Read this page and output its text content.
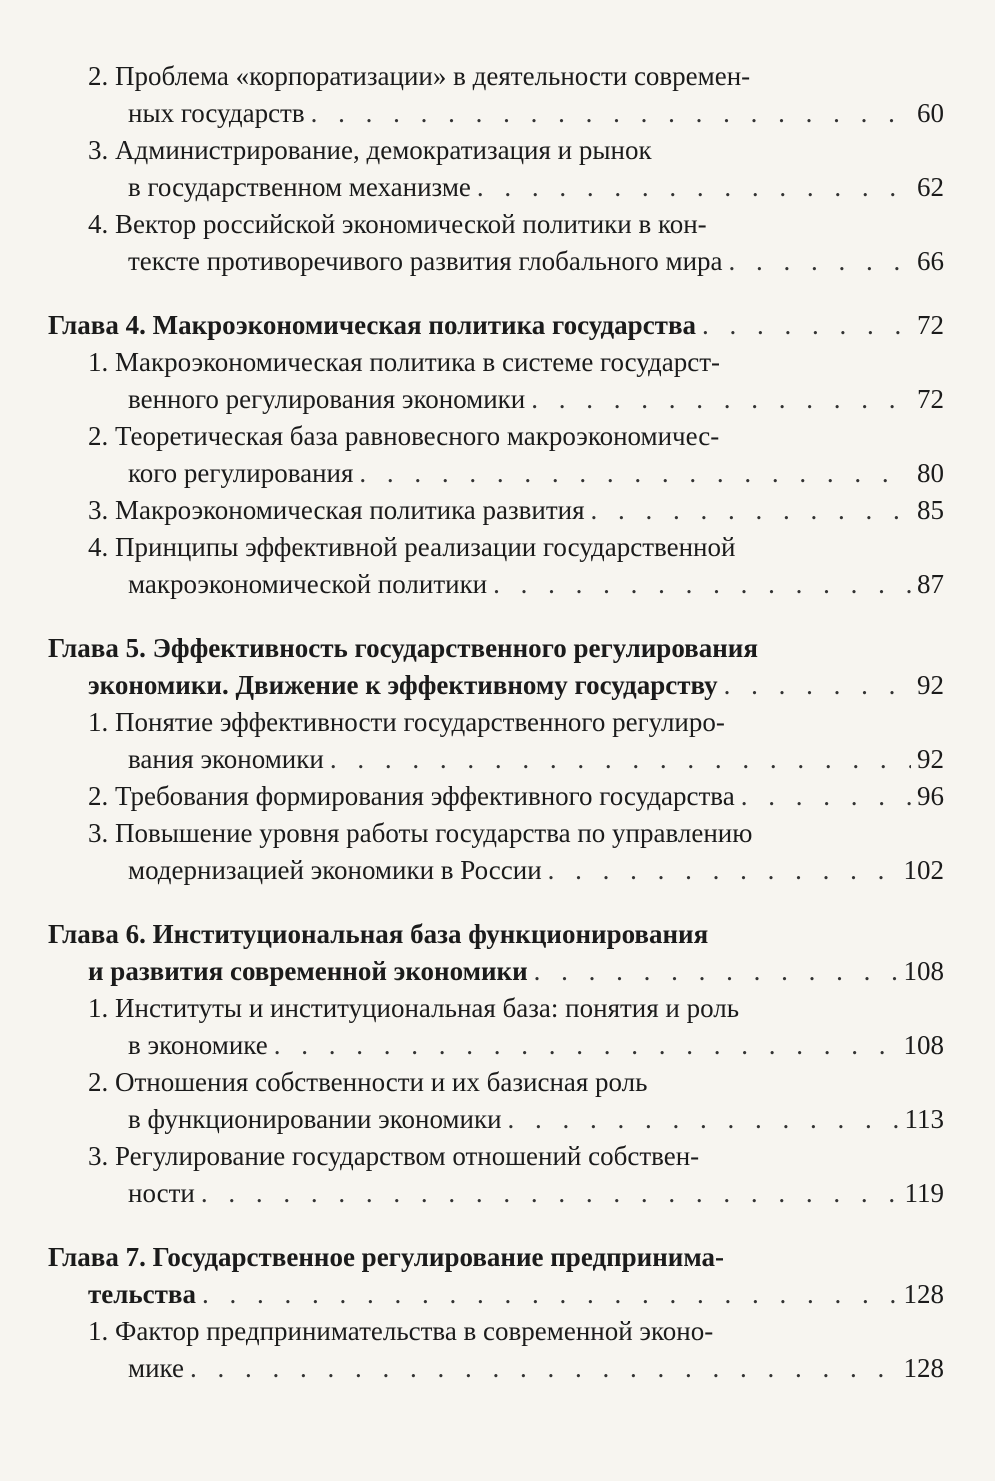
2. Проблема «корпоратизации» в деятельности современ-
ных государств . . .	60
3. Администрирование, демократизация и рынок
в государственном механизме . . .	62
4. Вектор российской экономической политики в кон-
тексте противоречивого развития глобального мира . . .	66
Глава 4. Макроэкономическая политика государства . . .	72
1. Макроэкономическая политика в системе государст-
венного регулирования экономики . . .	72
2. Теоретическая база равновесного макроэкономичес-
кого регулирования . . .	80
3. Макроэкономическая политика развития . . .	85
4. Принципы эффективной реализации государственной
макроэкономической политики . . .	87
Глава 5. Эффективность государственного регулирования
экономики. Движение к эффективному государству . . .	92
1. Понятие эффективности государственного регулиро-
вания экономики . . .	92
2. Требования формирования эффективного государства . . .	96
3. Повышение уровня работы государства по управлению
модернизацией экономики в России . . .	102
Глава 6. Институциональная база функционирования
и развития современной экономики . . .	108
1. Институты и институциональная база: понятия и роль
в экономике . . .	108
2. Отношения собственности и их базисная роль
в функционировании экономики . . .	113
3. Регулирование государством отношений собствен-
ности . . .	119
Глава 7. Государственное регулирование предпринима-
тельства . . .	128
1. Фактор предпринимательства в современной эконо-
мике . . .	128
